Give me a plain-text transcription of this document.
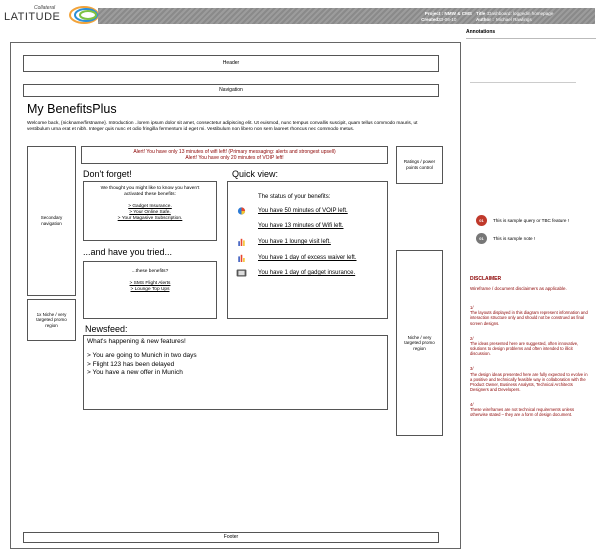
Collateral
LATITUDE	Project : NMW & CMS
Created :
23-06-10
Title : Dashboard: loggedin homepage
Author : Michael Rawlings
Annotations
Header
Navigation
My BenefitsPlus
Welcome back, {nickname/firstname}. Introduction ..lorem ipsum dolor sit amet, consectetur adipiscing elit. Ut euismod, nunc tempus convallis suscipit, quam tellus commodo mauris, ut vestibulum urna erat et nibh. Integer quis nunc et odio fringilla fermentum id eget mi. Vestibulum non libero non sem laoreet rhoncus nec commodo metus.
Secondary navigation
1x Niche / very targeted promo region
Alert! You have only 13 minutes of wifi left! (Primary messaging: alerts and strongest upsell)
Alert! You have only 20 minutes of VOIP left!
Ratings / power points control
Niche / very targeted promo region
Don't forget!
We thought you might like to know you haven't activated these benefits:
> Gadget Insurance.
> Your Online Safe.
> Your Magasive Subscription.
...and have you tried...
...these benefits?
> SMS Flight Alerts
> Lounge Top Ups
Quick view:
The status of your benefits:
You have 50 minutes of VOIP left.
You have 13 minutes of Wifi left.
You have 1 lounge visit left.
You have 1 day of excess waiver left.
You have 1 day of gadget insurance.
Newsfeed:
What's happening & new features!
> You are going to Munich in two days
> Flight 123 has been delayed
> You have a new offer in Munich
Footer
01 This is sample query or TBC feature !
01 This is sample note !
DISCLAIMER
Wireframe / document disclaimers as applicable.

1/
The layouts displayed in this diagram represent information and interaction structure only and should not be construed as final screen designs.

2/
The ideas presented here are suggested, often innovative, solutions to design problems and often intended to illicit discussion.

3/
The design ideas presented here are fully expected to evolve in a positive and technically feasible way in collaboration with the Product Owner, Business Analysts, Technical Architects Designers and Developers.

4/
These wireframes are not technical requirements unless otherwise stated – they are a form of design document.
